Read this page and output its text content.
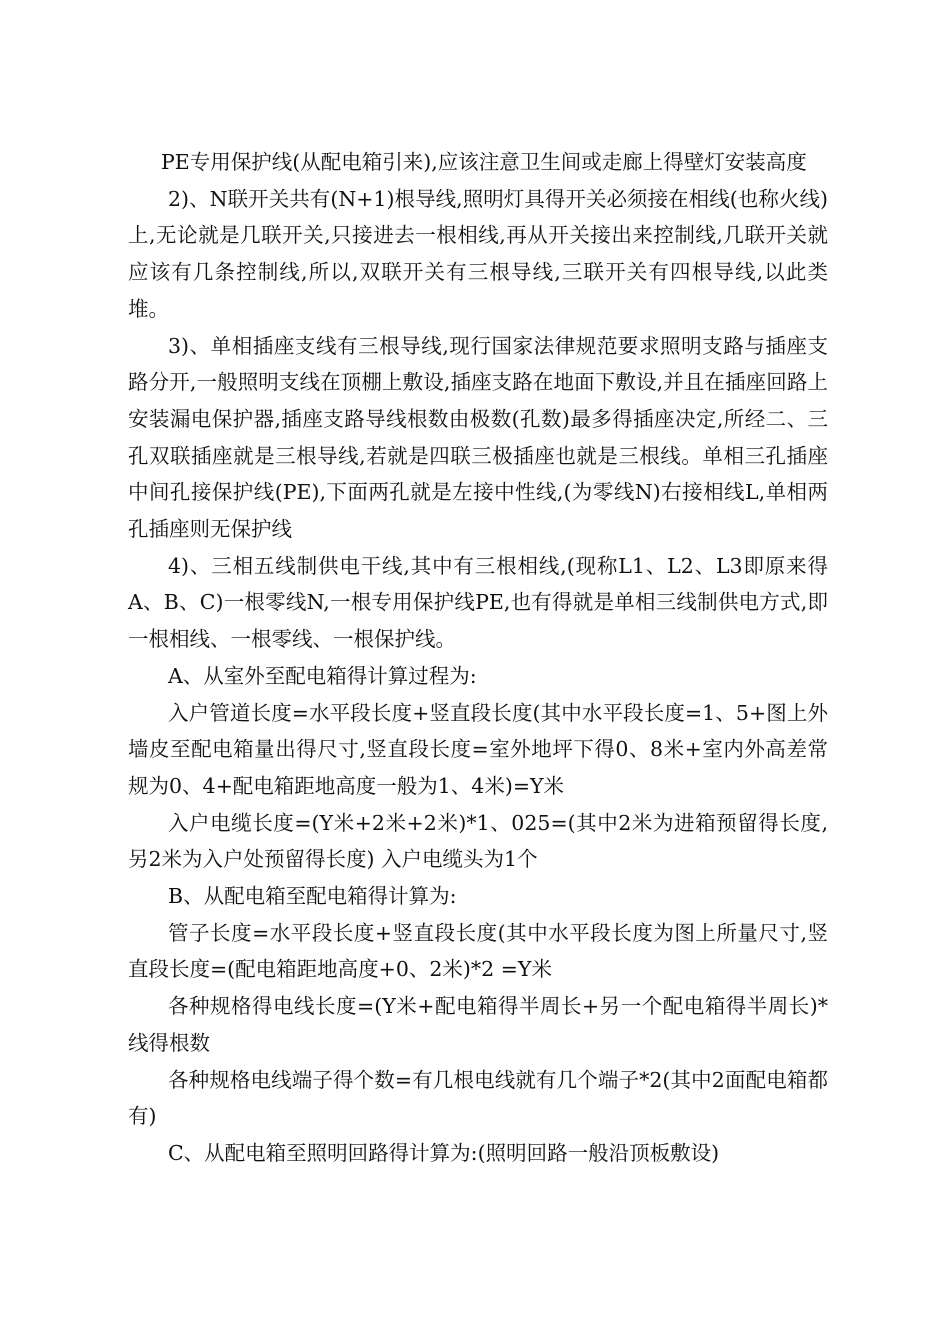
PE专用保护线(从配电箱引来),应该注意卫生间或走廊上得壁灯安装高度

2)、N联开关共有(N+1)根导线,照明灯具得开关必须接在相线(也称火线)上,无论就是几联开关,只接进去一根相线,再从开关接出来控制线,几联开关就应该有几条控制线,所以,双联开关有三根导线,三联开关有四根导线,以此类堆。

3)、单相插座支线有三根导线,现行国家法律规范要求照明支路与插座支路分开,一般照明支线在顶棚上敷设,插座支路在地面下敷设,并且在插座回路上安装漏电保护器,插座支路导线根数由极数(孔数)最多得插座决定,所经二、三孔双联插座就是三根导线,若就是四联三极插座也就是三根线。单相三孔插座中间孔接保护线(PE),下面两孔就是左接中性线,(为零线N)右接相线L,单相两孔插座则无保护线

4)、三相五线制供电干线,其中有三根相线,(现称L1、L2、L3即原来得A、B、C)一根零线N,一根专用保护线PE,也有得就是单相三线制供电方式,即一根相线、一根零线、一根保护线。

A、从室外至配电箱得计算过程为:

入户管道长度=水平段长度+竖直段长度(其中水平段长度=1、5+图上外墙皮至配电箱量出得尺寸,竖直段长度=室外地坪下得0、8米+室内外高差常规为0、4+配电箱距地高度一般为1、4米)=Y米

入户电缆长度=(Y米+2米+2米)*1、025=(其中2米为进箱预留得长度,另2米为入户处预留得长度) 入户电缆头为1个

B、从配电箱至配电箱得计算为:

管子长度=水平段长度+竖直段长度(其中水平段长度为图上所量尺寸,竖直段长度=(配电箱距地高度+0、2米)*2 =Y米

各种规格得电线长度=(Y米+配电箱得半周长+另一个配电箱得半周长)*线得根数

各种规格电线端子得个数=有几根电线就有几个端子*2(其中2面配电箱都有)

C、从配电箱至照明回路得计算为:(照明回路一般沿顶板敷设)
